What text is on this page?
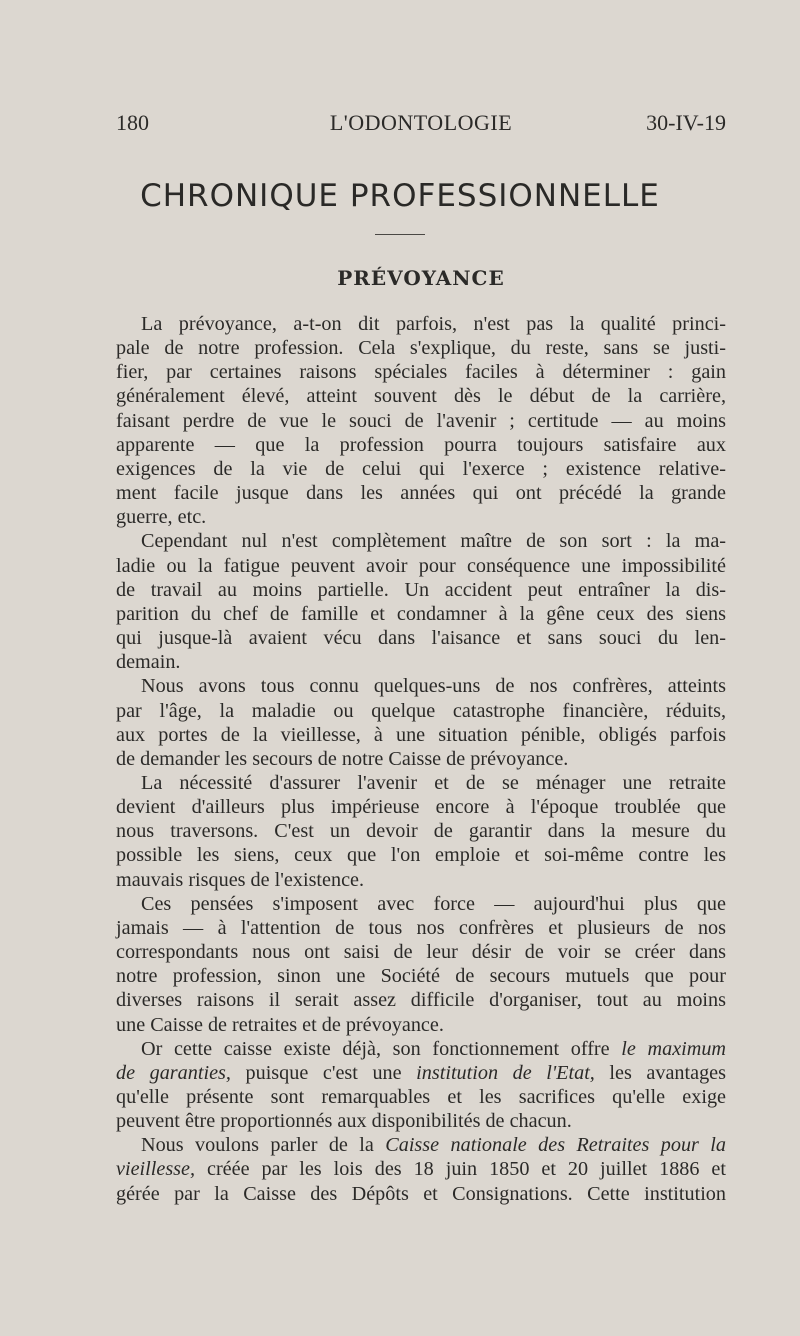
180	L'ODONTOLOGIE	30-IV-19
CHRONIQUE PROFESSIONNELLE
PRÉVOYANCE
La prévoyance, a-t-on dit parfois, n'est pas la qualité princi-
pale de notre profession. Cela s'explique, du reste, sans se justi-
fier, par certaines raisons spéciales faciles à déterminer : gain
généralement élevé, atteint souvent dès le début de la carrière,
faisant perdre de vue le souci de l'avenir ; certitude — au moins
apparente — que la profession pourra toujours satisfaire aux
exigences de la vie de celui qui l'exerce ; existence relative-
ment facile jusque dans les années qui ont précédé la grande
guerre, etc.
Cependant nul n'est complètement maître de son sort : la ma-
ladie ou la fatigue peuvent avoir pour conséquence une impossibilité
de travail au moins partielle. Un accident peut entraîner la dis-
parition du chef de famille et condamner à la gêne ceux des siens
qui jusque-là avaient vécu dans l'aisance et sans souci du len-
demain.
Nous avons tous connu quelques-uns de nos confrères, atteints
par l'âge, la maladie ou quelque catastrophe financière, réduits,
aux portes de la vieillesse, à une situation pénible, obligés parfois
de demander les secours de notre Caisse de prévoyance.
La nécessité d'assurer l'avenir et de se ménager une retraite
devient d'ailleurs plus impérieuse encore à l'époque troublée que
nous traversons. C'est un devoir de garantir dans la mesure du
possible les siens, ceux que l'on emploie et soi-même contre les
mauvais risques de l'existence.
Ces pensées s'imposent avec force — aujourd'hui plus que
jamais — à l'attention de tous nos confrères et plusieurs de nos
correspondants nous ont saisi de leur désir de voir se créer dans
notre profession, sinon une Société de secours mutuels que pour
diverses raisons il serait assez difficile d'organiser, tout au moins
une Caisse de retraites et de prévoyance.
Or cette caisse existe déjà, son fonctionnement offre le maximum
de garanties, puisque c'est une institution de l'Etat, les avantages
qu'elle présente sont remarquables et les sacrifices qu'elle exige
peuvent être proportionnés aux disponibilités de chacun.
Nous voulons parler de la Caisse nationale des Retraites pour la
vieillesse, créée par les lois des 18 juin 1850 et 20 juillet 1886 et
gérée par la Caisse des Dépôts et Consignations. Cette institution
